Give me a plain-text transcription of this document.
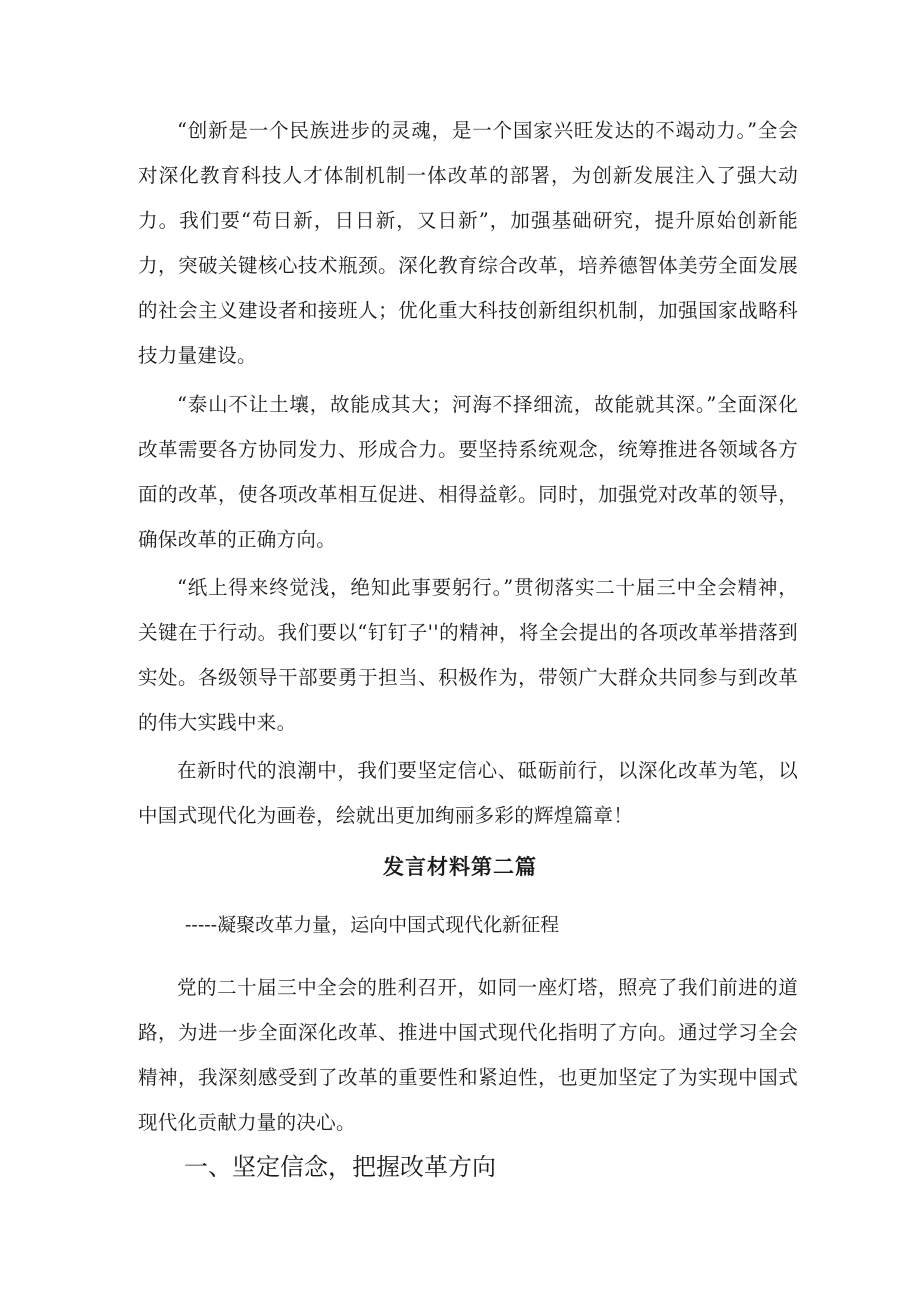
“创新是一个民族进步的灵魂，是一个国家兴旺发达的不竭动力。”全会对深化教育科技人才体制机制一体改革的部署，为创新发展注入了强大动力。我们要“苟日新，日日新，又日新”，加强基础研究，提升原始创新能力，突破关键核心技术瓶颈。深化教育综合改革，培养德智体美劳全面发展的社会主义建设者和接班人；优化重大科技创新组织机制，加强国家战略科技力量建设。

“泰山不让土壤，故能成其大；河海不择细流，故能就其深。”全面深化改革需要各方协同发力、形成合力。要坚持系统观念，统筹推进各领域各方面的改革，使各项改革相互促进、相得益彰。同时，加强党对改革的领导，确保改革的正确方向。

“纸上得来终觉浅，绝知此事要躬行。”贯彻落实二十届三中全会精神，关键在于行动。我们要以“钉钉子''的精神，将全会提出的各项改革举措落到实处。各级领导干部要勇于担当、积极作为，带领广大群众共同参与到改革的伟大实践中来。

在新时代的浪潮中，我们要坚定信心、砥砺前行，以深化改革为笔，以中国式现代化为画卷，绘就出更加绚丽多彩的辉煌篇章！

发言材料第二篇

-----凝聚改革力量，运向中国式现代化新征程

党的二十届三中全会的胜利召开，如同一座灯塔，照亮了我们前进的道路，为进一步全面深化改革、推进中国式现代化指明了方向。通过学习全会精神，我深刻感受到了改革的重要性和紧迫性，也更加坚定了为实现中国式现代化贡献力量的决心。

一、坚定信念，把握改革方向
